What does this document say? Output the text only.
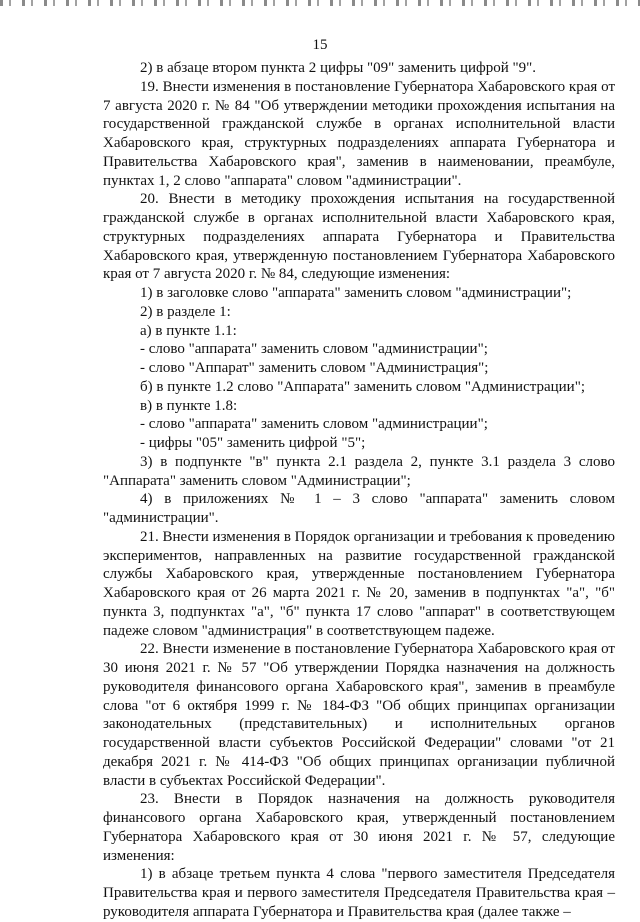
15

2) в абзаце втором пункта 2 цифры "09" заменить цифрой "9".

19. Внести изменения в постановление Губернатора Хабаровского края от 7 августа 2020 г. № 84 "Об утверждении методики прохождения испытания на государственной гражданской службе в органах исполнительной власти Хабаровского края, структурных подразделениях аппарата Губернатора и Правительства Хабаровского края", заменив в наименовании, преамбуле, пунктах 1, 2 слово "аппарата" словом "администрации".

20. Внести в методику прохождения испытания на государственной гражданской службе в органах исполнительной власти Хабаровского края, структурных подразделениях аппарата Губернатора и Правительства Хабаровского края, утвержденную постановлением Губернатора Хабаровского края от 7 августа 2020 г. № 84, следующие изменения:

1) в заголовке слово "аппарата" заменить словом "администрации";

2) в разделе 1:

а) в пункте 1.1:

- слово "аппарата" заменить словом "администрации";

- слово "Аппарат" заменить словом "Администрация";

б) в пункте 1.2 слово "Аппарата" заменить словом "Администрации";

в) в пункте 1.8:

- слово "аппарата" заменить словом "администрации";

- цифры "05" заменить цифрой "5";

3) в подпункте "в" пункта 2.1 раздела 2, пункте 3.1 раздела 3 слово "Аппарата" заменить словом "Администрации";

4) в приложениях № 1 – 3 слово "аппарата" заменить словом "администрации".

21. Внести изменения в Порядок организации и требования к проведению экспериментов, направленных на развитие государственной гражданской службы Хабаровского края, утвержденные постановлением Губернатора Хабаровского края от 26 марта 2021 г. № 20, заменив в подпунктах "а", "б" пункта 3, подпунктах "а", "б" пункта 17 слово "аппарат" в соответствующем падеже словом "администрация" в соответствующем падеже.

22. Внести изменение в постановление Губернатора Хабаровского края от 30 июня 2021 г. № 57 "Об утверждении Порядка назначения на должность руководителя финансового органа Хабаровского края", заменив в преамбуле слова "от 6 октября 1999 г. № 184-ФЗ "Об общих принципах организации законодательных (представительных) и исполнительных органов государственной власти субъектов Российской Федерации" словами "от 21 декабря 2021 г. № 414-ФЗ "Об общих принципах организации публичной власти в субъектах Российской Федерации".

23. Внести в Порядок назначения на должность руководителя финансового органа Хабаровского края, утвержденный постановлением Губернатора Хабаровского края от 30 июня 2021 г. № 57, следующие изменения:

1) в абзаце третьем пункта 4 слова "первого заместителя Председателя Правительства края и первого заместителя Председателя Правительства края – руководителя аппарата Губернатора и Правительства края (далее также –
